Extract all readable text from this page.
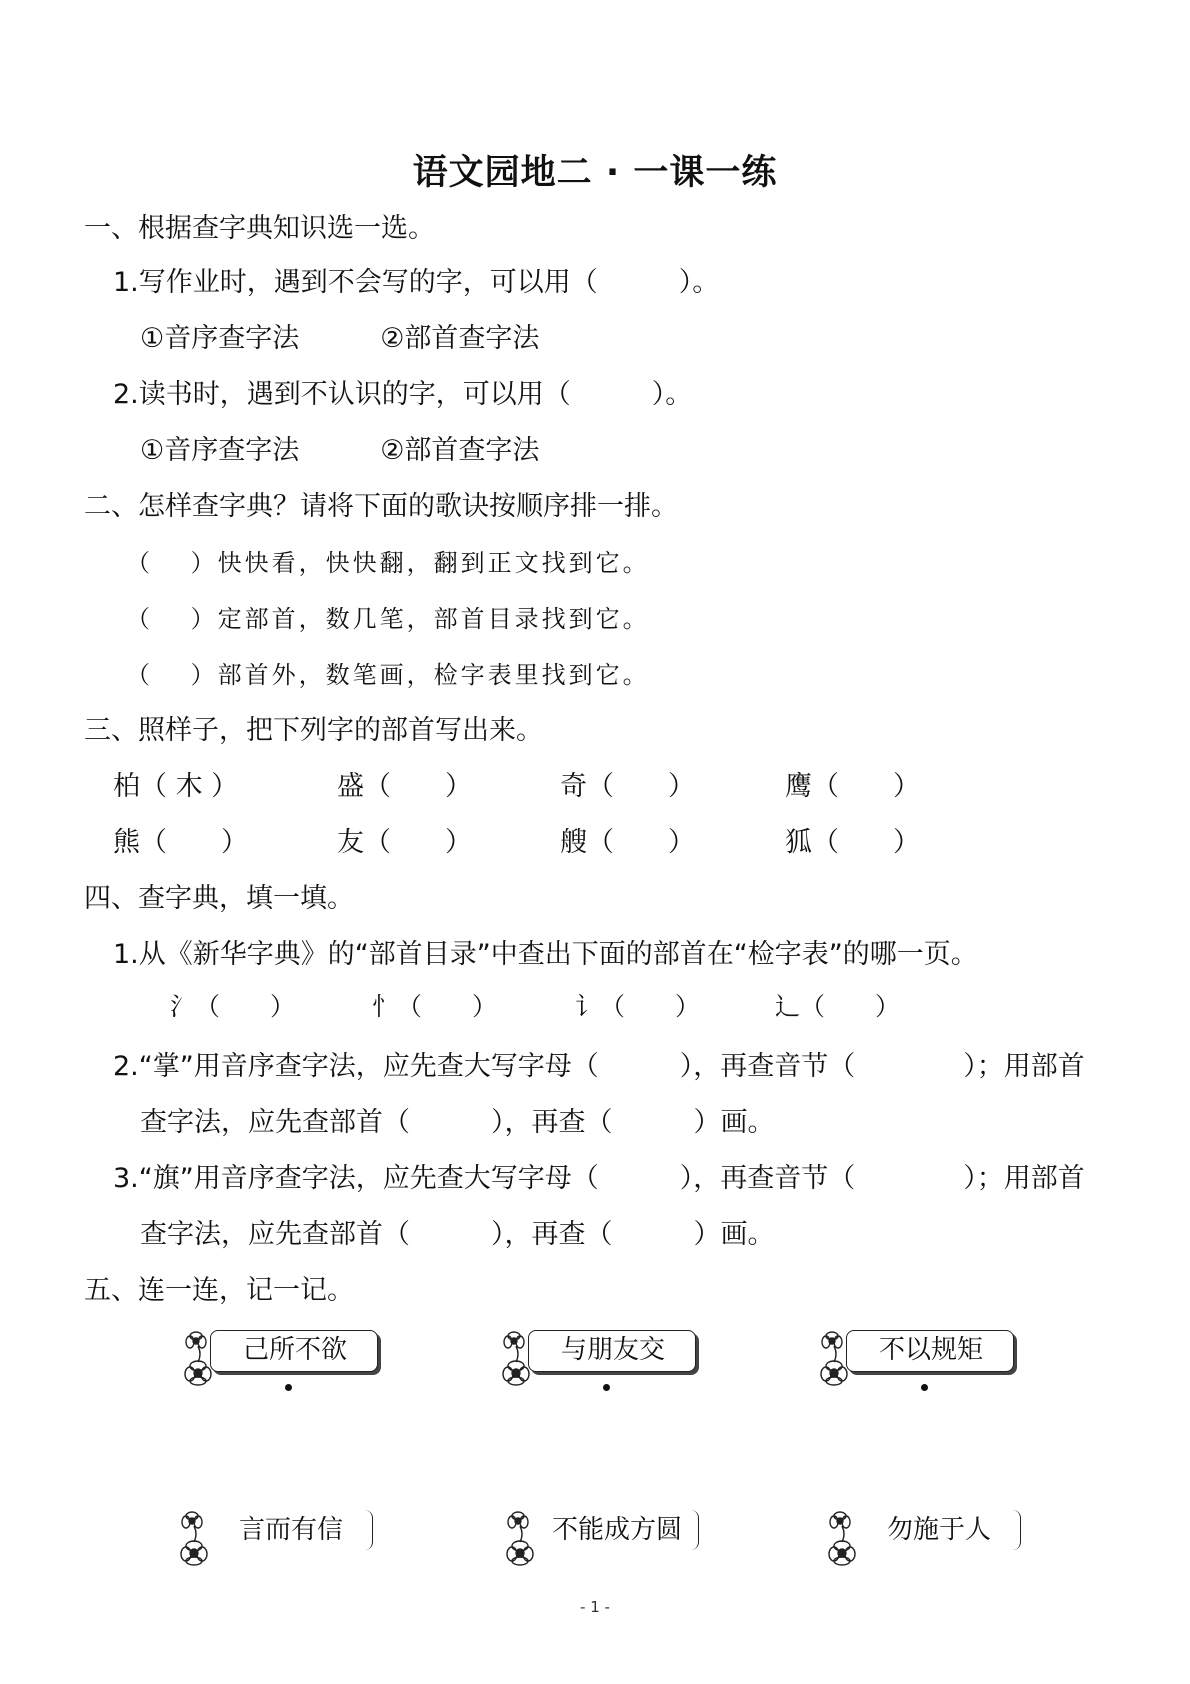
语文园地二 · 一课一练
一、根据查字典知识选一选。
1.写作业时，遇到不会写的字，可以用（　　　）。
①音序查字法　　　②部首查字法
2.读书时，遇到不认识的字，可以用（　　　）。
①音序查字法　　　②部首查字法
二、怎样查字典？请将下面的歌诀按顺序排一排。
（　 ）快快看，快快翻，翻到正文找到它。
（　 ）定部首，数几笔，部首目录找到它。
（　 ）部首外，数笔画，检字表里找到它。
三、照样子，把下列字的部首写出来。
柏（ 木 ）	盛（　　）	奇（　　）	鹰（　　）
熊（　　）	友（　　）	艘（　　）	狐（　　）
四、查字典，填一填。
1.从《新华字典》的“部首目录”中查出下面的部首在“检字表”的哪一页。
氵（　　）	忄（　　）	讠（　　）	辶（　　）
2.“掌”用音序查字法，应先查大写字母（　　　），再查音节（　　　　）；用部首
查字法，应先查部首（　　　），再查（　　　）画。
3.“旗”用音序查字法，应先查大写字母（　　　），再查音节（　　　　）；用部首
查字法，应先查部首（　　　），再查（　　　）画。
五、连一连，记一记。
己所不欲	与朋友交	不以规矩
言而有信	不能成方圆	勿施于人
- 1 -
